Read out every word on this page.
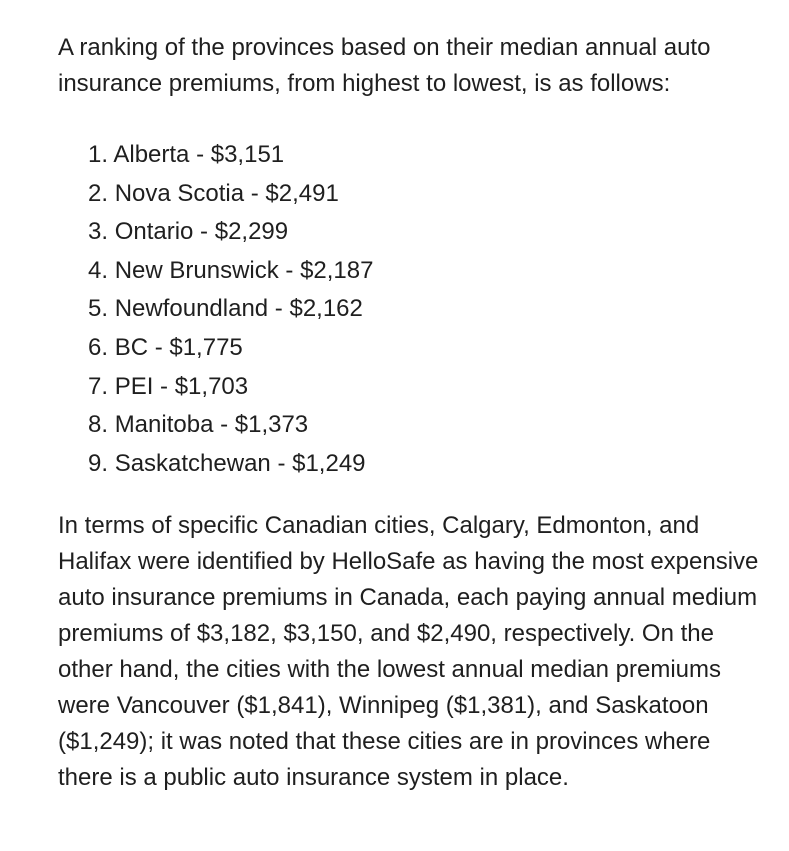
A ranking of the provinces based on their median annual auto insurance premiums, from highest to lowest, is as follows:

1. Alberta - $3,151
2. Nova Scotia - $2,491
3. Ontario - $2,299
4. New Brunswick - $2,187
5. Newfoundland - $2,162
6. BC - $1,775
7. PEI - $1,703
8. Manitoba - $1,373
9. Saskatchewan - $1,249

In terms of specific Canadian cities, Calgary, Edmonton, and Halifax were identified by HelloSafe as having the most expensive auto insurance premiums in Canada, each paying annual medium premiums of $3,182, $3,150, and $2,490, respectively. On the other hand, the cities with the lowest annual median premiums were Vancouver ($1,841), Winnipeg ($1,381), and Saskatoon ($1,249); it was noted that these cities are in provinces where there is a public auto insurance system in place.
